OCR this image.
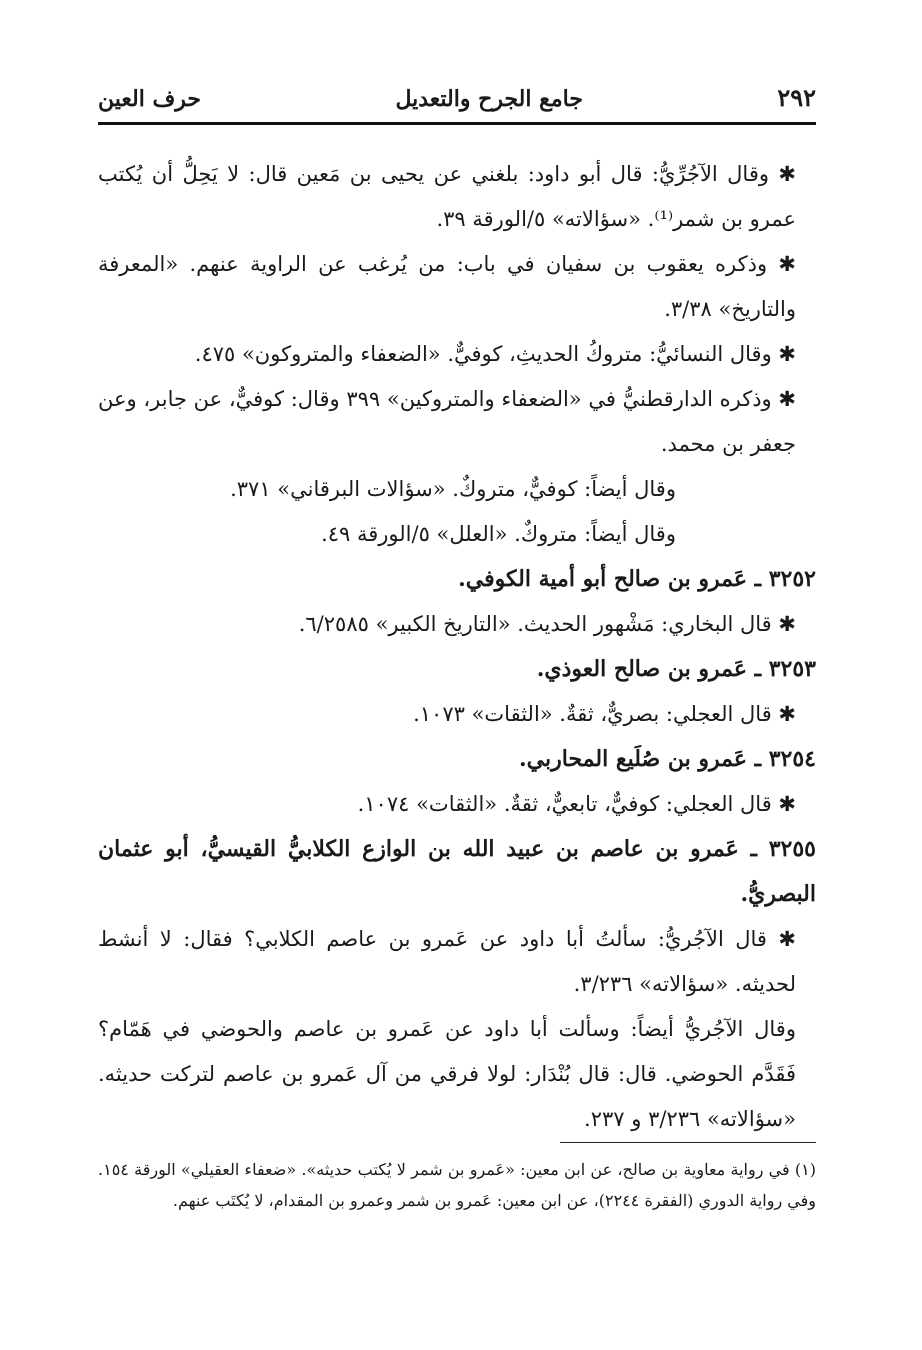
٢٩٢
جامع الجرح والتعديل
حرف العين

✱ وقال الآجُرِّيُّ: قال أبو داود: بلغني عن يحيى بن مَعين قال: لا يَحِلُّ أن يُكتب عمرو بن شمر⁽¹⁾. «سؤالاته» ٥/الورقة ٣٩.

✱ وذكره يعقوب بن سفيان في باب: من يُرغب عن الراوية عنهم. «المعرفة والتاريخ» ٣/٣٨.

✱ وقال النسائيُّ: متروكُ الحديثِ، كوفيٌّ. «الضعفاء والمتروكون» ٤٧٥.

✱ وذكره الدارقطنيُّ في «الضعفاء والمتروكين» ٣٩٩ وقال: كوفيٌّ، عن جابر، وعن جعفر بن محمد.

وقال أيضاً: كوفيٌّ، متروكٌ. «سؤالات البرقاني» ٣٧١.

وقال أيضاً: متروكٌ. «العلل» ٥/الورقة ٤٩.

٣٢٥٢ ـ عَمرو بن صالح أبو أمية الكوفي.

✱ قال البخاري: مَشْهور الحديث. «التاريخ الكبير» ٦/٢٥٨٥.

٣٢٥٣ ـ عَمرو بن صالح العوذي.

✱ قال العجلي: بصريٌّ، ثقةٌ. «الثقات» ١٠٧٣.

٣٢٥٤ ـ عَمرو بن صُلَيع المحاربي.

✱ قال العجلي: كوفيٌّ، تابعيٌّ، ثقةٌ. «الثقات» ١٠٧٤.

٣٢٥٥ ـ عَمرو بن عاصم بن عبيد الله بن الوازع الكلابيُّ القيسيُّ، أبو عثمان البصريُّ.

✱ قال الآجُريُّ: سألتُ أبا داود عن عَمرو بن عاصم الكلابي؟ فقال: لا أنشط لحديثه. «سؤالاته» ٣/٢٣٦.

وقال الآجُريُّ أيضاً: وسألت أبا داود عن عَمرو بن عاصم والحوضي في هَمّام؟ فَقَدَّم الحوضي. قال: قال بُنْدَار: لولا فرقي من آل عَمرو بن عاصم لتركت حديثه. «سؤالاته» ٣/٢٣٦ و ٢٣٧.

(١) في رواية معاوية بن صالح، عن ابن معين: «عَمرو بن شمر لا يُكتب حديثه». «ضعفاء العقيلي» الورقة ١٥٤. وفي رواية الدوري (الفقرة ٢٢٤٤)، عن ابن معين: عَمرو بن شمر وعمرو بن المقدام، لا يُكتَب عنهم.
